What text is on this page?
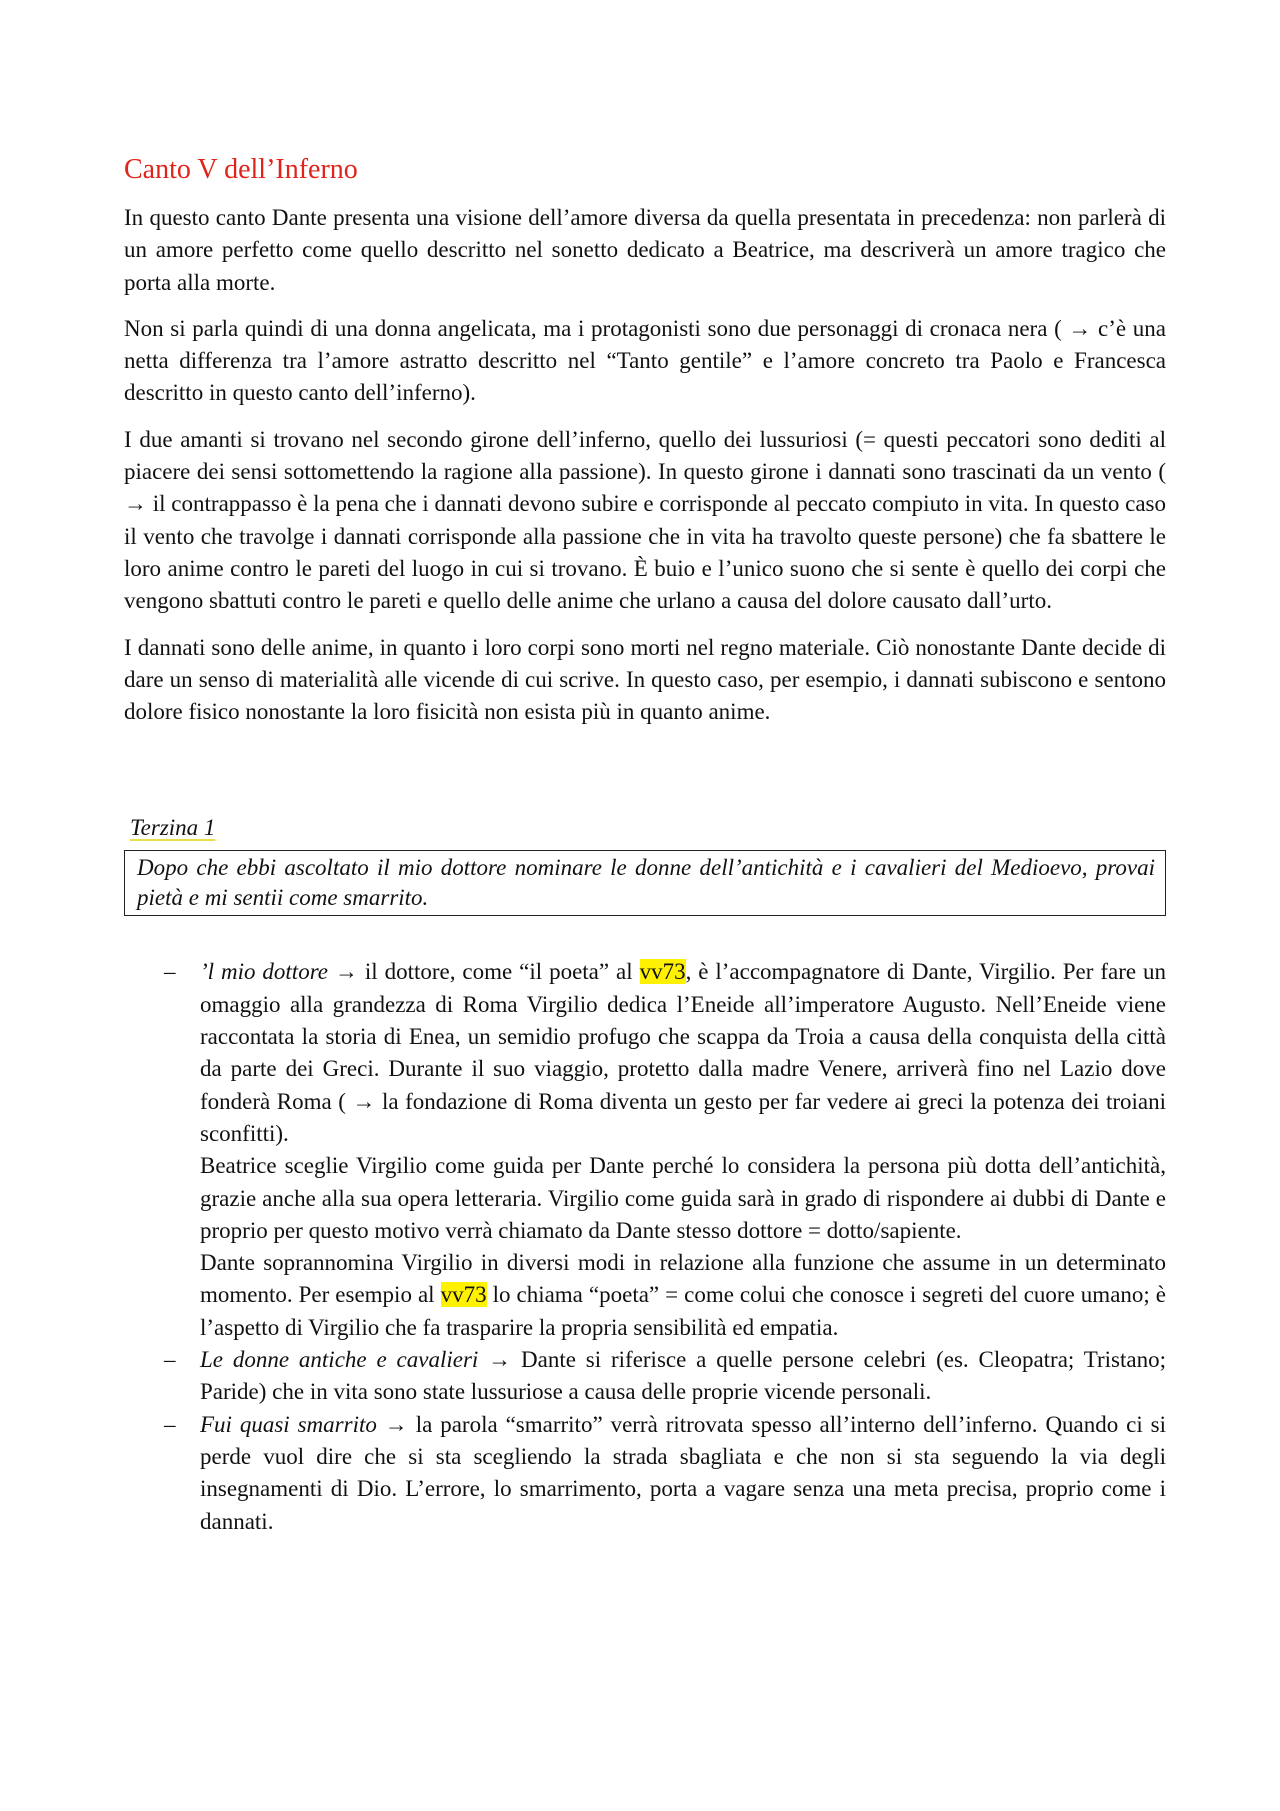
Canto V dell’Inferno

In questo canto Dante presenta una visione dell’amore diversa da quella presentata in precedenza: non parlerà di un amore perfetto come quello descritto nel sonetto dedicato a Beatrice, ma descriverà un amore tragico che porta alla morte.

Non si parla quindi di una donna angelicata, ma i protagonisti sono due personaggi di cronaca nera ( → c’è una netta differenza tra l’amore astratto descritto nel “Tanto gentile” e l’amore concreto tra Paolo e Francesca descritto in questo canto dell’inferno).

I due amanti si trovano nel secondo girone dell’inferno, quello dei lussuriosi (= questi peccatori sono dediti al piacere dei sensi sottomettendo la ragione alla passione). In questo girone i dannati sono trascinati da un vento ( → il contrappasso è la pena che i dannati devono subire e corrisponde al peccato compiuto in vita. In questo caso il vento che travolge i dannati corrisponde alla passione che in vita ha travolto queste persone) che fa sbattere le loro anime contro le pareti del luogo in cui si trovano. È buio e l’unico suono che si sente è quello dei corpi che vengono sbattuti contro le pareti e quello delle anime che urlano a causa del dolore causato dall’urto.

I dannati sono delle anime, in quanto i loro corpi sono morti nel regno materiale. Ciò nonostante Dante decide di dare un senso di materialità alle vicende di cui scrive. In questo caso, per esempio, i dannati subiscono e sentono dolore fisico nonostante la loro fisicità non esista più in quanto anime.

Terzina 1
Dopo che ebbi ascoltato il mio dottore nominare le donne dell’antichità e i cavalieri del Medioevo, provai pietà e mi sentii come smarrito.
– ’l mio dottore → il dottore, come “il poeta” al vv73, è l’accompagnatore di Dante, Virgilio. Per fare un omaggio alla grandezza di Roma Virgilio dedica l’Eneide all’imperatore Augusto. Nell’Eneide viene raccontata la storia di Enea, un semidio profugo che scappa da Troia a causa della conquista della città da parte dei Greci. Durante il suo viaggio, protetto dalla madre Venere, arriverà fino nel Lazio dove fonderà Roma ( → la fondazione di Roma diventa un gesto per far vedere ai greci la potenza dei troiani sconfitti).
Beatrice sceglie Virgilio come guida per Dante perché lo considera la persona più dotta dell’antichità, grazie anche alla sua opera letteraria. Virgilio come guida sarà in grado di rispondere ai dubbi di Dante e proprio per questo motivo verrà chiamato da Dante stesso dottore = dotto/sapiente.
Dante soprannomina Virgilio in diversi modi in relazione alla funzione che assume in un determinato momento. Per esempio al vv73 lo chiama “poeta” = come colui che conosce i segreti del cuore umano; è l’aspetto di Virgilio che fa trasparire la propria sensibilità ed empatia.
– Le donne antiche e cavalieri → Dante si riferisce a quelle persone celebri (es. Cleopatra; Tristano; Paride) che in vita sono state lussuriose a causa delle proprie vicende personali.
– Fui quasi smarrito → la parola “smarrito” verrà ritrovata spesso all’interno dell’inferno. Quando ci si perde vuol dire che si sta scegliendo la strada sbagliata e che non si sta seguendo la via degli insegnamenti di Dio. L’errore, lo smarrimento, porta a vagare senza una meta precisa, proprio come i dannati.
